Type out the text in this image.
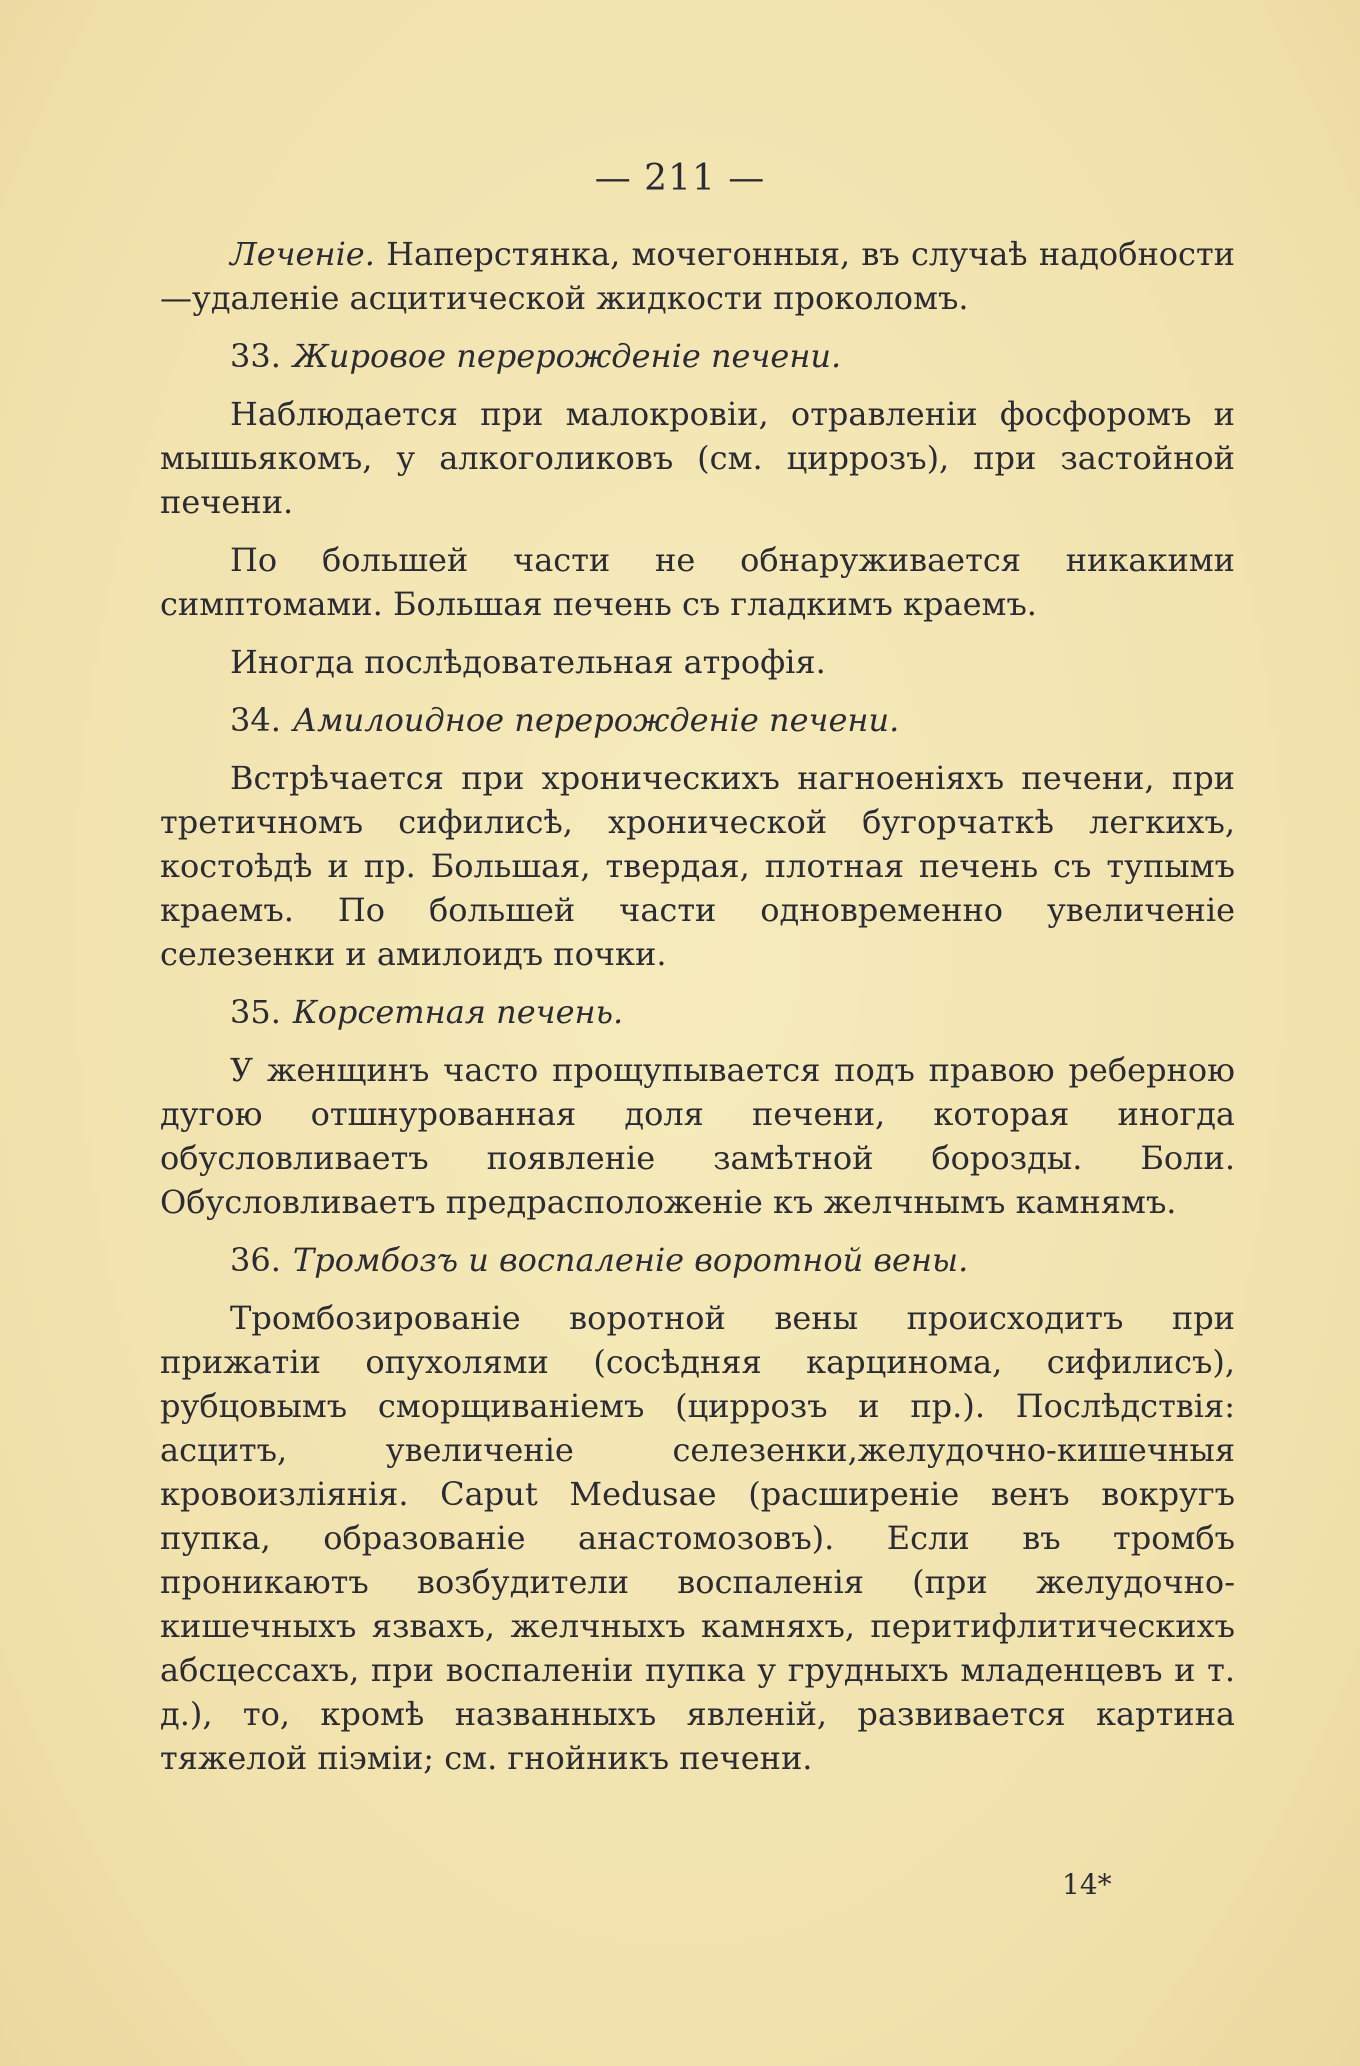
— 211 —

Леченіе. Наперстянка, мочегонныя, въ случаѣ надобности—удаленіе асцитической жидкости проколомъ.

33. Жировое перерожденіе печени.

Наблюдается при малокровіи, отравленіи фосфоромъ и мышьякомъ, у алкоголиковъ (см. циррозъ), при застойной печени.

По большей части не обнаруживается никакими симптомами. Большая печень съ гладкимъ краемъ.

Иногда послѣдовательная атрофія.

34. Амилоидное перерожденіе печени.

Встрѣчается при хроническихъ нагноеніяхъ печени, при третичномъ сифилисѣ, хронической бугорчаткѣ легкихъ, костоѣдѣ и пр. Большая, твердая, плотная печень съ тупымъ краемъ. По большей части одновременно увеличеніе селезенки и амилоидъ почки.

35. Корсетная печень.

У женщинъ часто прощупывается подъ правою реберною дугою отшнурованная доля печени, которая иногда обусловливаетъ появленіе замѣтной борозды. Боли. Обусловливаетъ предрасположеніе къ желчнымъ камнямъ.

36. Тромбозъ и воспаленіе воротной вены.

Тромбозированіе воротной вены происходитъ при прижатіи опухолями (сосѣдняя карцинома, сифилисъ), рубцовымъ сморщиваніемъ (циррозъ и пр.). Послѣдствія: асцитъ, увеличеніе селезенки,желудочно-кишечныя кровоизліянія. Caput Medusae (расширеніе венъ вокругъ пупка, образованіе анастомозовъ). Если въ тромбъ проникаютъ возбудители воспаленія (при желудочно-кишечныхъ язвахъ, желчныхъ камняхъ, перитифлитическихъ абсцессахъ, при воспаленіи пупка у грудныхъ младенцевъ и т. д.), то, кромѣ названныхъ явленій, развивается картина тяжелой піэміи; см. гнойникъ печени.

14*
